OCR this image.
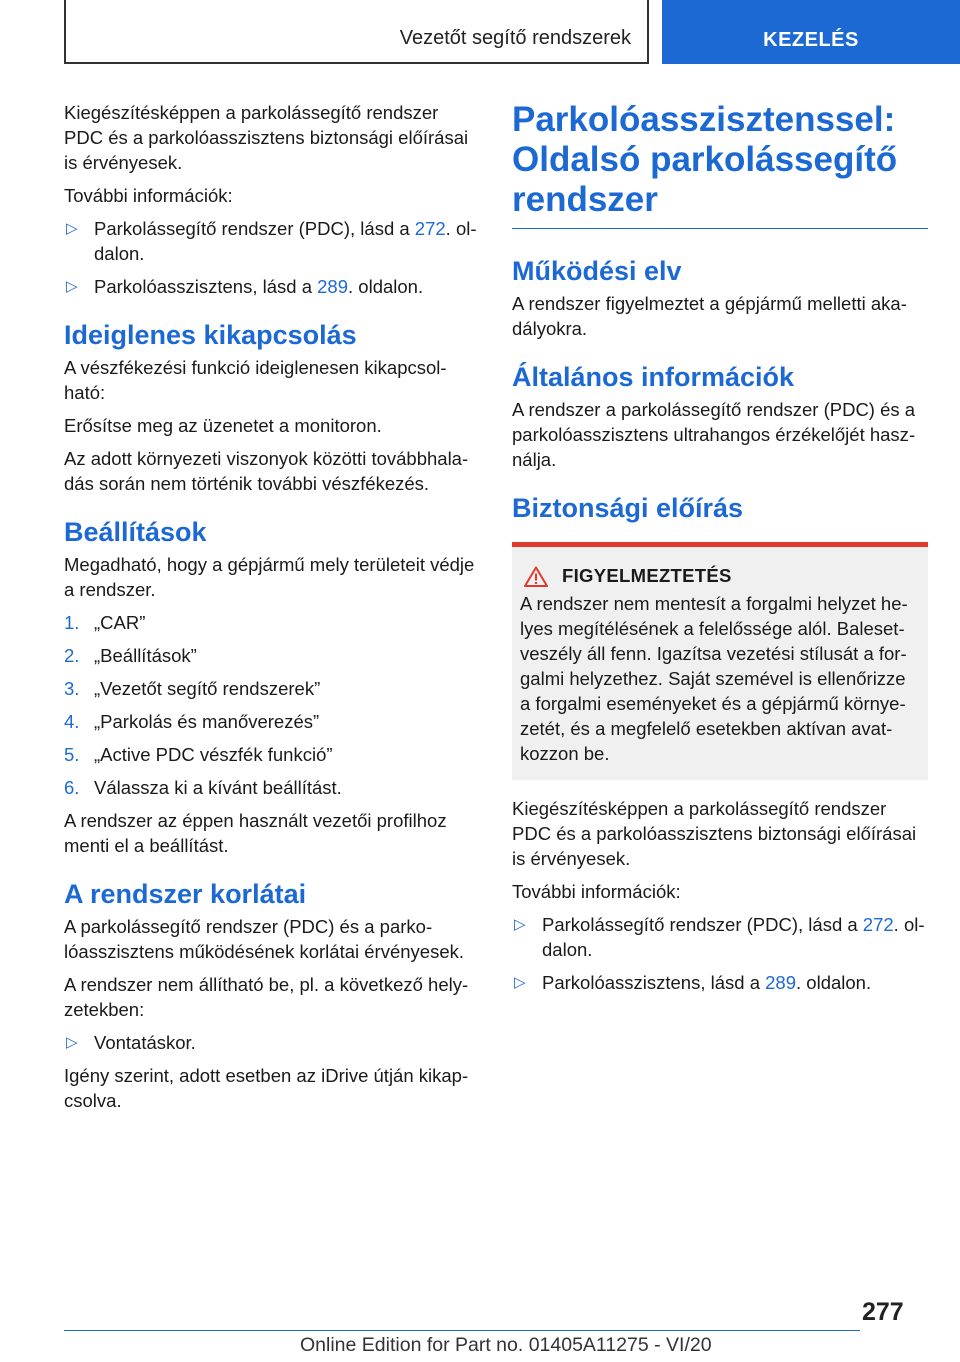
Vezetőt segítő rendszerek	KEZELÉS

Kiegészítésképpen a parkolássegítő rendszer PDC és a parkolóasszisztens biztonsági előírásai is érvényesek.

További információk:

▷ Parkolássegítő rendszer (PDC), lásd a 272. oldalon.
▷ Parkolóasszisztens, lásd a 289. oldalon.
Ideiglenes kikapcsolás

A vészfékezési funkció ideiglenesen kikapcsolható:

Erősítse meg az üzenetet a monitoron.

Az adott környezeti viszonyok közötti továbbhaladás során nem történik további vészfékezés.

Beállítások

Megadható, hogy a gépjármű mely területeit védje a rendszer.

1. „CAR”
2. „Beállítások”
3. „Vezetőt segítő rendszerek”
4. „Parkolás és manőverezés”
5. „Active PDC vészfék funkció”
6. Válassza ki a kívánt beállítást.

A rendszer az éppen használt vezetői profilhoz menti el a beállítást.

A rendszer korlátai

A parkolássegítő rendszer (PDC) és a parkolóasszisztens működésének korlátai érvényesek.

A rendszer nem állítható be, pl. a következő helyzetekben:

▷ Vontatáskor.

Igény szerint, adott esetben az iDrive útján kikapcsolva.

Parkolóasszisztenssel: Oldalsó parkolássegítő rendszer
Működési elv

A rendszer figyelmeztet a gépjármű melletti akadályokra.

Általános információk

A rendszer a parkolássegítő rendszer (PDC) és a parkolóasszisztens ultrahangos érzékelőjét használja.

Biztonsági előírás
FIGYELMEZTETÉS

A rendszer nem mentesít a forgalmi helyzet helyes megítélésének a felelőssége alól. Balesetveszély áll fenn. Igazítsa vezetési stílusát a forgalmi helyzethez. Saját szemével is ellenőrizze a forgalmi eseményeket és a gépjármű környezetét, és a megfelelő esetekben aktívan avatkozzon be.

Kiegészítésképpen a parkolássegítő rendszer PDC és a parkolóasszisztens biztonsági előírásai is érvényesek.

További információk:

▷ Parkolássegítő rendszer (PDC), lásd a 272. oldalon.
▷ Parkolóasszisztens, lásd a 289. oldalon.
277
Online Edition for Part no. 01405A11275 - VI/20
